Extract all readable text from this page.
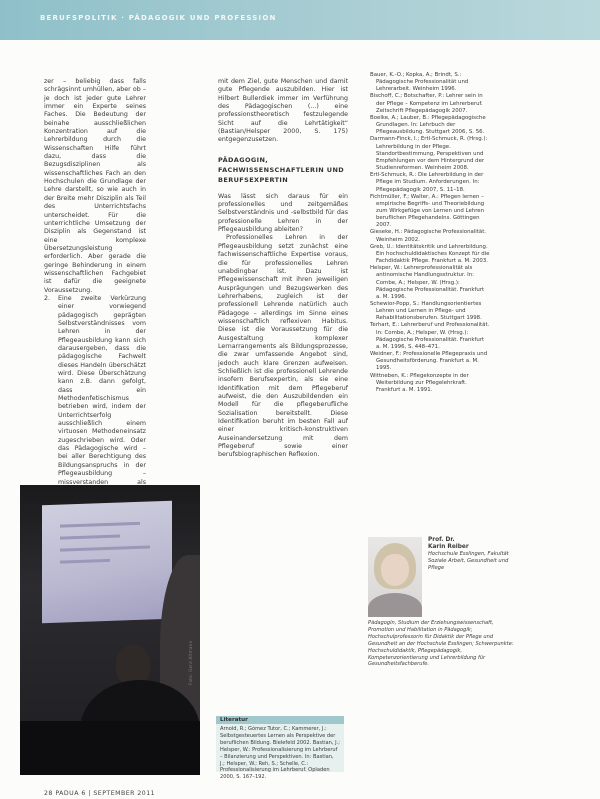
BERUFSPOLITIK · PÄDAGOGIK UND PROFESSION

zer – beliebig dass falls schrägsinnt umhüllen, aber ob – je doch ist jeder gute Lehrer immer ein Experte seines Faches. Die Bedeutung der beinahe ausschließlichen Konzentration auf die Lehrerbildung durch die Wissenschaften Hilfe führt dazu, dass die Bezugsdisziplinen als wissenschaftliches Fach an den Hochschulen die Grundlage der Lehre darstellt, so wie auch in der Breite mehr Disziplin als Teil des Unterrichtsfachs unterscheidet. Für die unterrichtliche Umsetzung der Disziplin als Gegenstand ist eine komplexe Übersetzungsleistung erforderlich. Aber gerade die geringe Behinderung in einem wissenschaftlichen Fachgebiet ist dafür die geeignete Voraussetzung.

2. Eine zweite Verkürzung einer vorwiegend pädagogisch geprägten Selbstverständnisses vom Lehren in der Pflegeausbildung kann sich darausergeben, dass die pädagogische Fachwelt dieses Handeln überschätzt wird. Diese Überschätzung kann z.B. dann gefolgt, dass ein Methodenfetischismus betrieben wird, indem der Unterrichtserfolg ausschließlich einem virtuosen Methodeneinsatz zugeschrieben wird. Oder das Pädagogische wird – bei aller Berechtigung des Bildungsanspruchs in der Pflegeausbildung – missverstanden als

mit dem Ziel, gute Menschen und damit gute Pflegende auszubilden. Hier ist Hilbert Bullerdiek immer im Verführung des Pädagogischen (...) eine professionstheoretisch festzulegende Sicht auf die Lehrtätigkeit“ (Bastian/Helsper 2000, S. 175) entgegenzusetzen.

PÄDAGOGIN, FACHWISSENSCHAFTLERIN UND BERUFSEXPERTIN

Was lässt sich daraus für ein professionelles und zeitgemäßes Selbstverständnis und -selbstbild für das professionelle Lehren in der Pflegeausbildung ableiten?

Professionelles Lehren in der Pflegeausbildung setzt zunächst eine fachwissenschaftliche Expertise voraus, die für professionelles Lehren unabdingbar ist. Dazu ist Pflegewissenschaft mit ihren jeweiligen Ausprägungen und Bezugswerken des Lehrerhabens, zugleich ist der professionell Lehrende natürlich auch Pädagoge – allerdings im Sinne eines wissenschaftlich reflexiven Habitus. Diese ist die Voraussetzung für die Ausgestaltung komplexer Lernarrangements als Bildungsprozesse, die zwar umfassende Angebot sind, jedoch auch klare Grenzen aufweisen. Schließlich ist die professionell Lehrende insofern Berufsexpertin, als sie eine Identifikation mit dem Pflegeberuf aufweist, die den Auszubildenden ein Modell für die pflegeberufliche Sozialisation bereitstellt. Diese Identifikation beruht im besten Fall auf einer kritisch-konstruktiven Auseinandersetzung mit dem Pflegeberuf sowie einer berufsbiographischen Reflexion.

Bauer, K.-O.; Kopka, A.; Brindt, S.: Pädagogische Professionalität und Lehrerarbeit. Weinheim 1996.

Bischoff, C.; Botschafter, P.: Lehrer sein in der Pflege – Kompetenz im Lehrerberuf. Zeitschrift Pflegepädagogik 2007.

Boelke, A.; Lauber, B.: Pflegepädagogische Grundlagen. In: Lehrbuch der Pflegeausbildung. Stuttgart 2006, S. 56.

Darmann-Finck, I.; Ertl-Schmuck, R. (Hrsg.): Lehrerbildung in der Pflege. Standortbestimmung, Perspektiven und Empfehlungen vor dem Hintergrund der Studienreformen. Weinheim 2008.

Ertl-Schmuck, R.: Die Lehrerbildung in der Pflege im Studium. Anforderungen. In: Pflegepädagogik 2007, S. 11–18.

Fichtmüller, F.; Walter, A.: Pflegen lernen – empirische Begriffs- und Theoriebildung zum Wirkgefüge von Lernen und Lehren beruflichen Pflegehandelns. Göttingen 2007.

Gieseke, H.: Pädagogische Professionalität. Weinheim 2002.

Greb, U.: Identitätskritik und Lehrerbildung. Ein hochschuldidaktisches Konzept für die Fachdidaktik Pflege. Frankfurt a. M. 2003.

Helsper, W.: Lehrerprofessionalität als antinomische Handlungsstruktur. In: Combe, A.; Helsper, W. (Hrsg.): Pädagogische Professionalität. Frankfurt a. M. 1996.

Schewior-Popp, S.: Handlungsorientiertes Lehren und Lernen in Pflege- und Rehabilitationsberufen. Stuttgart 1998.

Terhart, E.: Lehrerberuf und Professionalität. In: Combe, A.; Helsper, W. (Hrsg.): Pädagogische Professionalität. Frankfurt a. M. 1996, S. 448–471.

Weidner, F.: Professionelle Pflegepraxis und Gesundheitsförderung. Frankfurt a. M. 1995.

Wittneben, K.: Pflegekonzepte in der Weiterbildung zur Pflegelehrkraft. Frankfurt a. M. 1991.

Foto: Gerd Altmann
Literatur
Arnold, R.; Gómez Tutor, C.; Kammerer, J.: Selbstgesteuertes Lernen als Perspektive der beruflichen Bildung. Bielefeld 2002. Bastian, J.; Helsper, W.: Professionalisierung im Lehrberuf – Bilanzierung und Perspektiven. In: Bastian, J.; Helsper, W.; Reh, S.; Schelle, C.: Professionalisierung im Lehrberuf. Opladen 2000, S. 167–192.
Prof. Dr.
Karin Reiber
Hochschule Esslingen, Fakultät Soziale Arbeit, Gesundheit und Pflege
Pädagogin, Studium der Erziehungswissenschaft, Promotion und Habilitation in Pädagogik; Hochschulprofessorin für Didaktik der Pflege und Gesundheit an der Hochschule Esslingen; Schwerpunkte: Hochschuldidaktik, Pflegepädagogik, Kompetenzorientierung und Lehrerbildung für Gesundheitsfachberufe.
28 PADUA 6 | SEPTEMBER 2011
